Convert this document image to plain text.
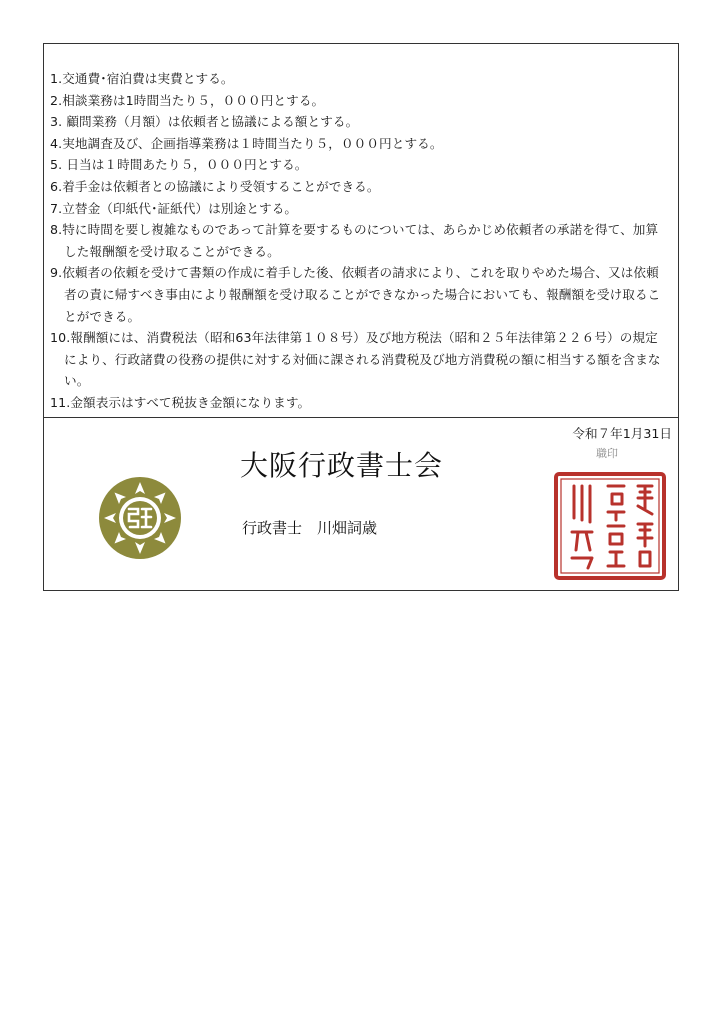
1.交通費･宿泊費は実費とする。
2.相談業務は1時間当たり５，０００円とする。
3. 顧問業務（月額）は依頼者と協議による額とする。
4.実地調査及び、企画指導業務は１時間当たり５，０００円とする。
5. 日当は１時間あたり５，０００円とする。
6.着手金は依頼者との協議により受領することができる。
7.立替金（印紙代･証紙代）は別途とする。
8.特に時間を要し複雑なものであって計算を要するものについては、あらかじめ依頼者の承諾を得て、加算した報酬額を受け取ることができる。
9.依頼者の依頼を受けて書類の作成に着手した後、依頼者の請求により、これを取りやめた場合、又は依頼者の責に帰すべき事由により報酬額を受け取ることができなかった場合においても、報酬額を受け取ることができる。
10.報酬額には、消費税法（昭和63年法律第１０８号）及び地方税法（昭和２５年法律第２２６号）の規定により、行政諸費の役務の提供に対する対価に課される消費税及び地方消費税の額に相当する額を含まない。
11.金額表示はすべて税抜き金額になります。
令和７年1月31日
職印
大阪行政書士会
行政書士　川畑詞歳
